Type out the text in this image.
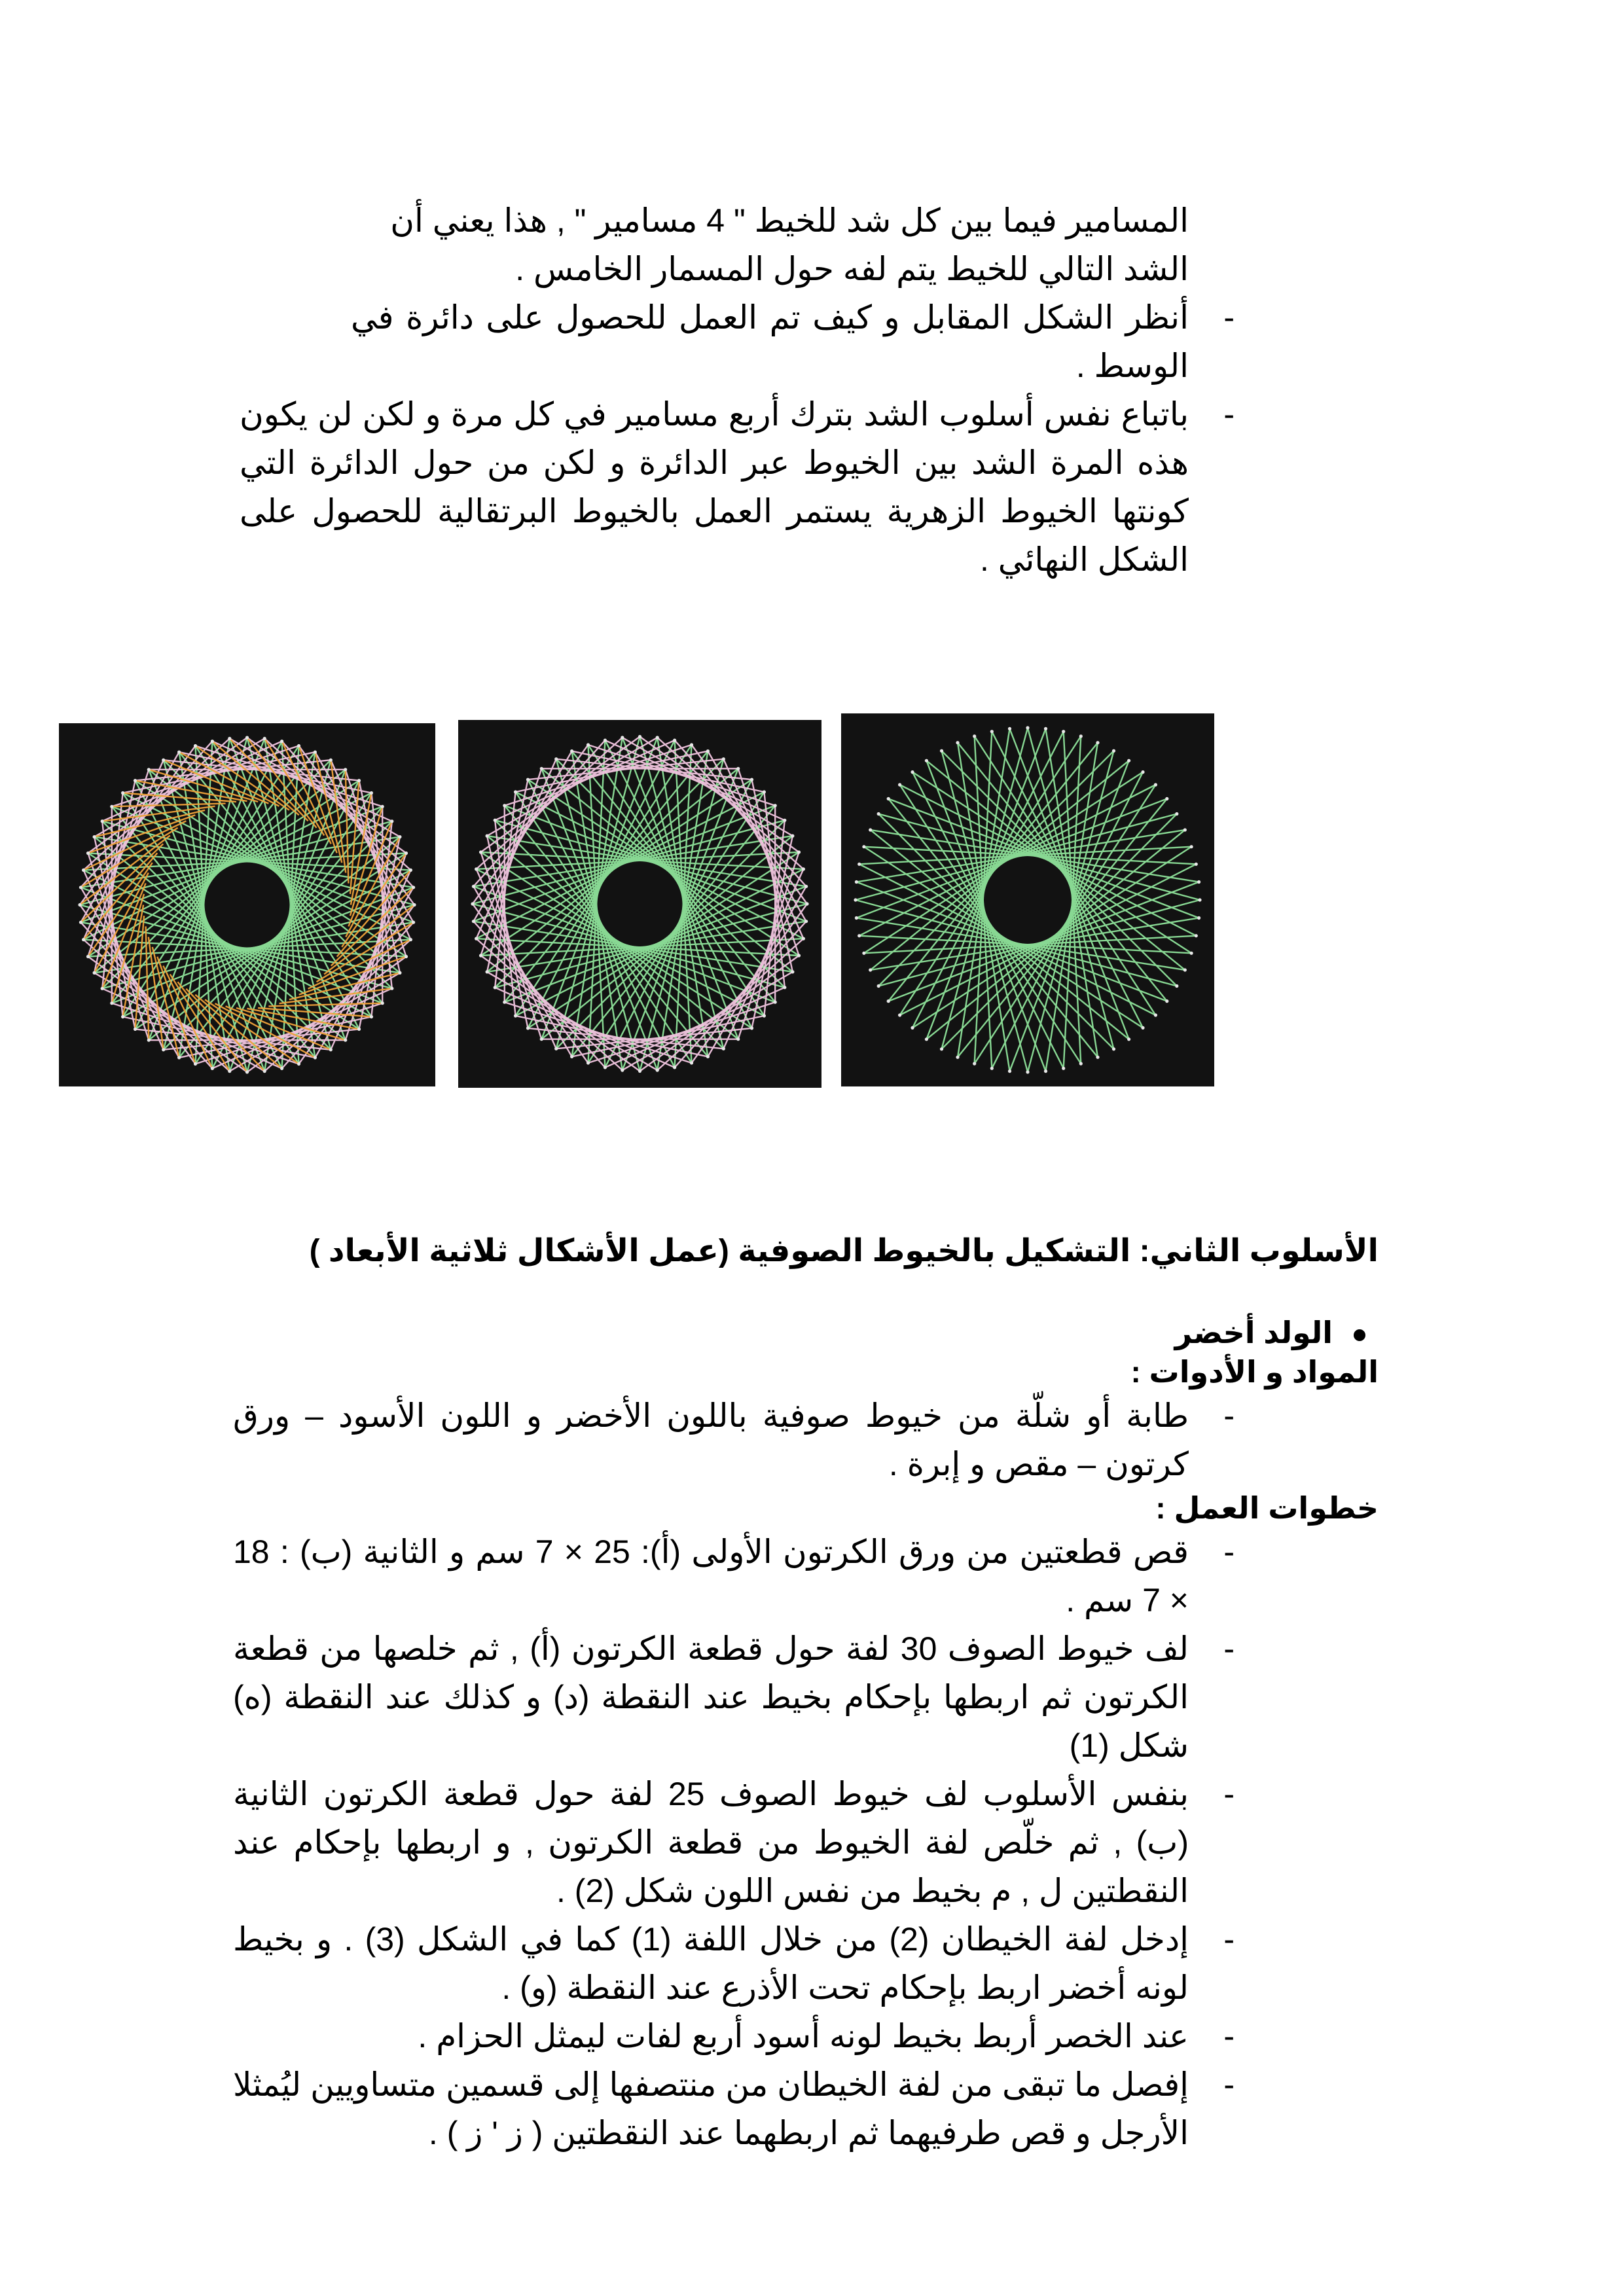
المسامير فيما بين كل شد للخيط " 4 مسامير " , هذا يعني أن
الشد التالي للخيط يتم لفه حول المسمار الخامس .

-
أنظر الشكل المقابل و كيف تم العمل للحصول على دائرة في الوسط .
-
باتباع نفس أسلوب الشد بترك أربع مسامير في كل مرة و لكن لن يكون هذه المرة الشد بين الخيوط عبر الدائرة و لكن من حول الدائرة التي كونتها الخيوط الزهرية يستمر العمل بالخيوط البرتقالية للحصول على الشكل النهائي .
الأسلوب الثاني: التشكيل بالخيوط الصوفية (عمل الأشكال ثلاثية الأبعاد )
الولد أخضر
المواد و الأدوات :
-
طابة أو شلّة من خيوط صوفية باللون الأخضر و اللون الأسود – ورق كرتون – مقص و إبرة .
خطوات العمل :
-
قص قطعتين من ورق الكرتون الأولى (أ): 25 × 7 سم و الثانية (ب) : 18 × 7 سم .
-
لف خيوط الصوف 30 لفة حول قطعة الكرتون (أ) , ثم خلصها من قطعة الكرتون ثم اربطها بإحكام بخيط عند النقطة (د) و كذلك عند النقطة (ه) شكل (1)
-
بنفس الأسلوب لف خيوط الصوف 25 لفة حول قطعة الكرتون الثانية (ب) , ثم خلّص لفة الخيوط من قطعة الكرتون , و اربطها بإحكام عند النقطتين ل , م بخيط من نفس اللون شكل (2) .
-
إدخل لفة الخيطان (2) من خلال اللفة (1) كما في الشكل (3) . و بخيط لونه أخضر اربط بإحكام تحت الأذرع عند النقطة (و) .
-
عند الخصر أربط بخيط لونه أسود أربع لفات ليمثل الحزام .
-
إفصل ما تبقى من لفة الخيطان من منتصفها إلى قسمين متساويين ليُمثلا الأرجل و قص طرفيهما ثم اربطهما عند النقطتين ( ز ' ز ) .
